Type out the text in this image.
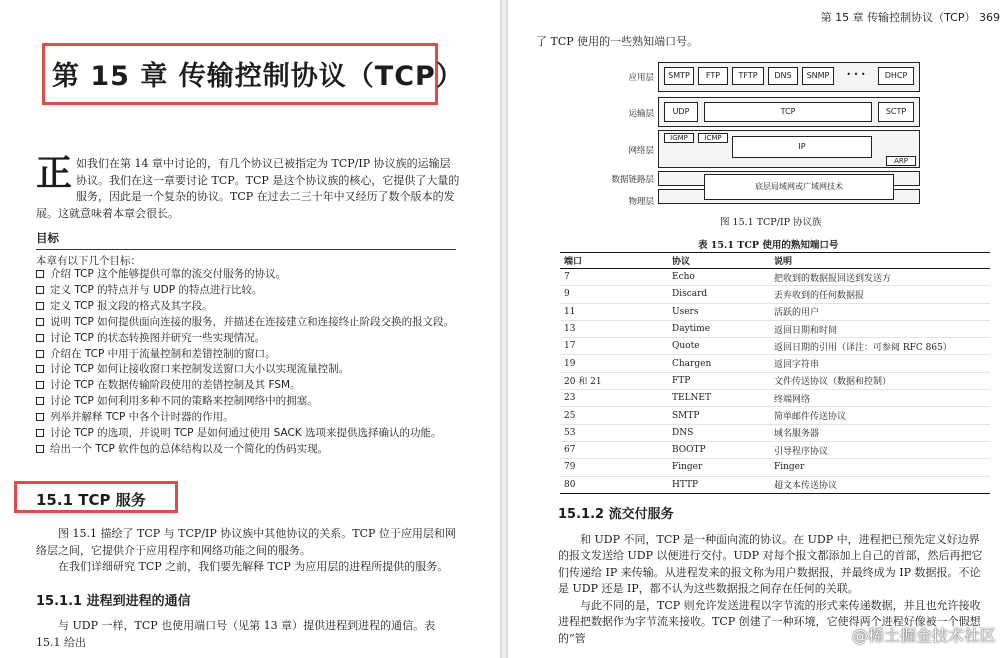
第 15 章 传输控制协议（TCP）
正 如我们在第 14 章中讨论的，有几个协议已被指定为 TCP/IP 协议族的运输层协议。我们在这一章要讨论 TCP。TCP 是这个协议族的核心，它提供了大量的服务，因此是一个复杂的协议。TCP 在过去二三十年中又经历了数个版本的发展。这就意味着本章会很长。
目标
本章有以下几个目标：
介绍 TCP 这个能够提供可靠的流交付服务的协议。
定义 TCP 的特点并与 UDP 的特点进行比较。
定义 TCP 报文段的格式及其字段。
说明 TCP 如何提供面向连接的服务，并描述在连接建立和连接终止阶段交换的报文段。
讨论 TCP 的状态转换图并研究一些实现情况。
介绍在 TCP 中用于流量控制和差错控制的窗口。
讨论 TCP 如何让接收窗口来控制发送窗口大小以实现流量控制。
讨论 TCP 在数据传输阶段使用的差错控制及其 FSM。
讨论 TCP 如何利用多种不同的策略来控制网络中的拥塞。
列举并解释 TCP 中各个计时器的作用。
讨论 TCP 的选项，并说明 TCP 是如何通过使用 SACK 选项来提供选择确认的功能。
给出一个 TCP 软件包的总体结构以及一个简化的伪码实现。
15.1 TCP 服务
图 15.1 描绘了 TCP 与 TCP/IP 协议族中其他协议的关系。TCP 位于应用层和网络层之间，它提供介于应用程序和网络功能之间的服务。
在我们详细研究 TCP 之前，我们要先解释 TCP 为应用层的进程所提供的服务。
15.1.1 进程到进程的通信
与 UDP 一样，TCP 也使用端口号（见第 13 章）提供进程到进程的通信。表 15.1 给出
第 15 章 传输控制协议（TCP） 369
了 TCP 使用的一些熟知端口号。
应用层
运输层
网络层
数据链路层
物理层
SMTP	FTP	TFTP	DNS	SNMP	• • •	DHCP
UDP	TCP	SCTP
IGMP	ICMP
IP
ARP
底层局域网或广域网技术
图 15.1 TCP/IP 协议族
表 15.1 TCP 使用的熟知端口号
端口	协议	说明
7	Echo	把收到的数据报回送到发送方
9	Discard	丢弃收到的任何数据报
11	Users	活跃的用户
13	Daytime	返回日期和时间
17	Quote	返回日期的引用（译注：可参阅 RFC 865）
19	Chargen	返回字符串
20 和 21	FTP	文件传送协议（数据和控制）
23	TELNET	终端网络
25	SMTP	简单邮件传送协议
53	DNS	域名服务器
67	BOOTP	引导程序协议
79	Finger	Finger
80	HTTP	超文本传送协议
15.1.2 流交付服务
和 UDP 不同，TCP 是一种面向流的协议。在 UDP 中，进程把已预先定义好边界的报文发送给 UDP 以便进行交付。UDP 对每个报文都添加上自己的首部，然后再把它们传递给 IP 来传输。从进程发来的报文称为用户数据报，并最终成为 IP 数据报。不论是 UDP 还是 IP，都不认为这些数据报之间存在任何的关联。
与此不同的是，TCP 则允许发送进程以字节流的形式来传递数据，并且也允许接收进程把数据作为字节流来接收。TCP 创建了一种环境，它使得两个进程好像被一个假想的“管	@稀土掘金技术社区
